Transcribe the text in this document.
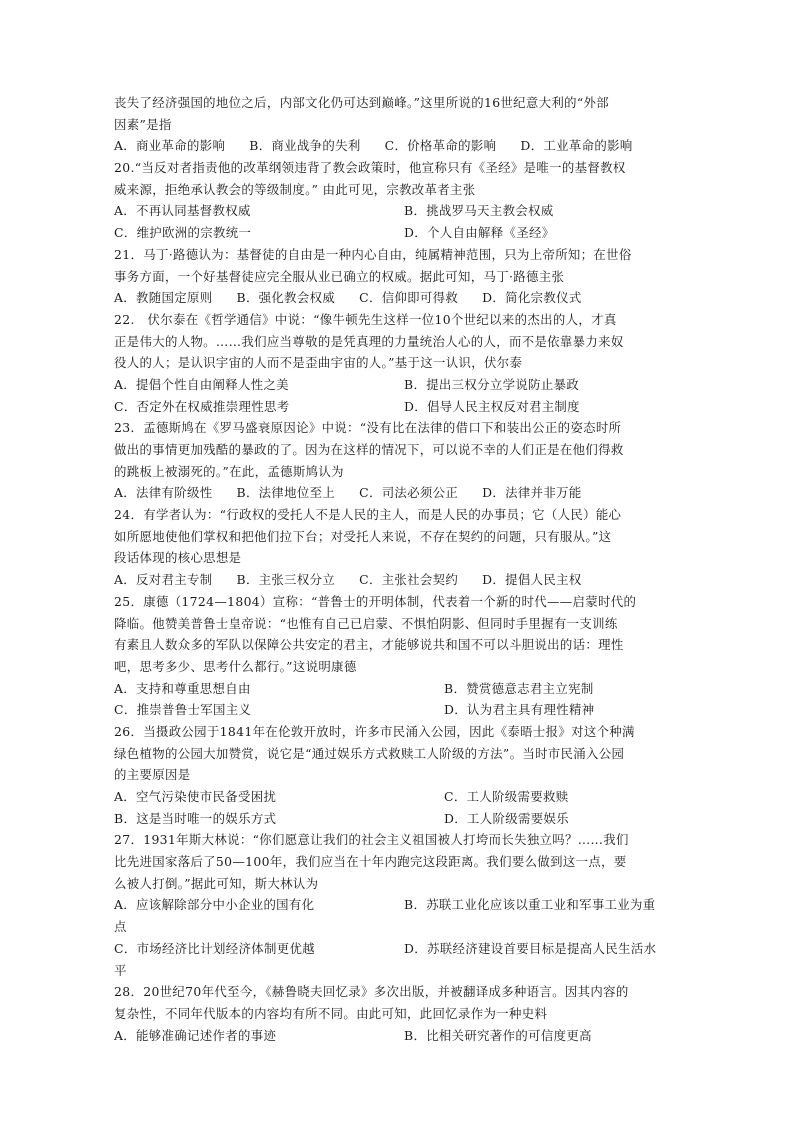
丧失了经济强国的地位之后，内部文化仍可达到巅峰。”这里所说的16世纪意大利的“外部
因素”是指
A．商业革命的影响 B．商业战争的失利 C．价格革命的影响 D．工业革命的影响
20.“当反对者指责他的改革纲领违背了教会政策时，他宣称只有《圣经》是唯一的基督教权
威来源，拒绝承认教会的等级制度。” 由此可见，宗教改革者主张
A．不再认同基督教权威	B．挑战罗马天主教会权威
C．维护欧洲的宗教统一	D．个人自由解释《圣经》
21．马丁·路德认为：基督徒的自由是一种内心自由，纯属精神范围，只为上帝所知；在世俗
事务方面，一个好基督徒应完全服从业已确立的权威。据此可知，马丁·路德主张
A．教随国定原则 B．强化教会权威 C．信仰即可得救 D．简化宗教仪式
22.　伏尔泰在《哲学通信》中说：“像牛顿先生这样一位10个世纪以来的杰出的人，才真
正是伟大的人物。……我们应当尊敬的是凭真理的力量统治人心的人，而不是依靠暴力来奴
役人的人；是认识宇宙的人而不是歪曲宇宙的人。”基于这一认识，伏尔泰
A．提倡个性自由阐释人性之美	B．提出三权分立学说防止暴政
C．否定外在权威推崇理性思考	D．倡导人民主权反对君主制度
23．孟德斯鸠在《罗马盛衰原因论》中说：“没有比在法律的借口下和装出公正的姿态时所
做出的事情更加残酷的暴政的了。因为在这样的情况下，可以说不幸的人们正是在他们得救
的跳板上被溺死的。”在此，孟德斯鸠认为
A．法律有阶级性 B．法律地位至上 C．司法必须公正 D．法律并非万能
24．有学者认为：“行政权的受托人不是人民的主人，而是人民的办事员；它（人民）能心
如所愿地使他们掌权和把他们拉下台；对受托人来说，不存在契约的问题，只有服从。”这
段话体现的核心思想是
A．反对君主专制 B．主张三权分立 C．主张社会契约 D．提倡人民主权
25．康德（1724—1804）宣称：“普鲁士的开明体制，代表着一个新的时代——启蒙时代的
降临。他赞美普鲁士皇帝说：“也惟有自己已启蒙、不惧怕阴影、但同时手里握有一支训练
有素且人数众多的军队以保障公共安定的君主，才能够说共和国不可以斗胆说出的话：理性
吧，思考多少、思考什么都行。”这说明康德
A．支持和尊重思想自由	B．赞赏德意志君主立宪制
C．推崇普鲁士军国主义	D．认为君主具有理性精神
26．当摄政公园于1841年在伦敦开放时，许多市民涌入公园，因此《泰晤士报》对这个种满
绿色植物的公园大加赞赏，说它是“通过娱乐方式救赎工人阶级的方法”。当时市民涌入公园
的主要原因是
A．空气污染使市民备受困扰	C．工人阶级需要救赎
B．这是当时唯一的娱乐方式	D．工人阶级需要娱乐
27．1931年斯大林说：“你们愿意让我们的社会主义祖国被人打垮而长失独立吗？……我们
比先进国家落后了50—100年，我们应当在十年内跑完这段距离。我们要么做到这一点，要
么被人打倒。”据此可知，斯大林认为
A．应该解除部分中小企业的国有化	B．苏联工业化应该以重工业和军事工业为重
点
C．市场经济比计划经济体制更优越	D．苏联经济建设首要目标是提高人民生活水
平
28．20世纪70年代至今，《赫鲁晓夫回忆录》多次出版，并被翻译成多种语言。因其内容的
复杂性，不同年代版本的内容均有所不同。由此可知，此回忆录作为一种史料
A．能够准确记述作者的事迹	B．比相关研究著作的可信度更高
